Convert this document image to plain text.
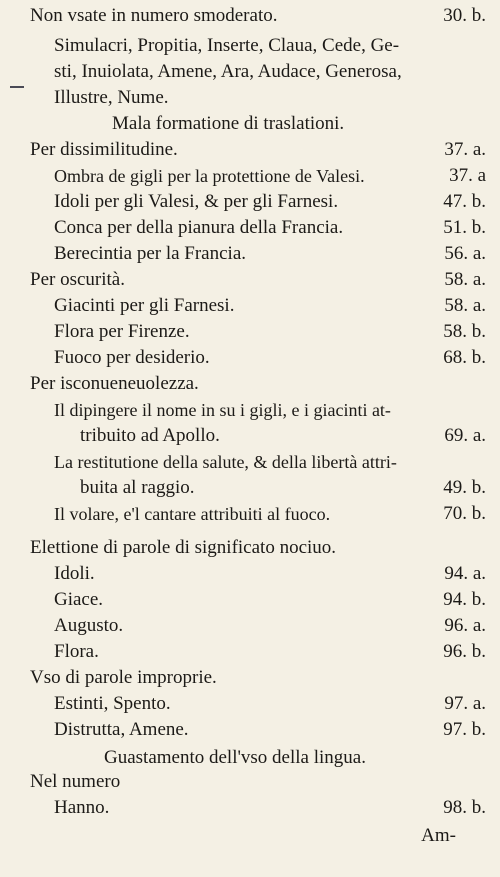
Non vsate in numero smoderato.	30. b.
Simulacri, Propitia, Inserte, Claua, Cede, Ge-
sti, Inuiolata, Amene, Ara, Audace, Generosa,
Illustre, Nume.
Mala formatione di traslationi.
Per dissimilitudine.	37. a.
Ombra de gigli per la protettione de Valesi.	37. a
Idoli per gli Valesi, & per gli Farnesi.	47. b.
Conca per della pianura della Francia.	51. b.
Berecintia per la Francia.	56. a.
Per oscurità.	58. a.
Giacinti per gli Farnesi.	58. a.
Flora per Firenze.	58. b.
Fuoco per desiderio.	68. b.
Per isconueneuolezza.
Il dipingere il nome in su i gigli, e i giacinti at-
tribuito ad Apollo.	69. a.
La restitutione della salute, & della libertà attri-
buita al raggio.	49. b.
Il volare, e'l cantare attribuiti al fuoco.	70. b.
Elettione di parole di significato nociuo.
Idoli.	94. a.
Giace.	94. b.
Augusto.	96. a.
Flora.	96. b.
Vso di parole improprie.
Estinti, Spento.	97. a.
Distrutta, Amene.	97. b.
Guastamento dell'vso della lingua.
Nel numero
Hanno.	98. b.
Am-
